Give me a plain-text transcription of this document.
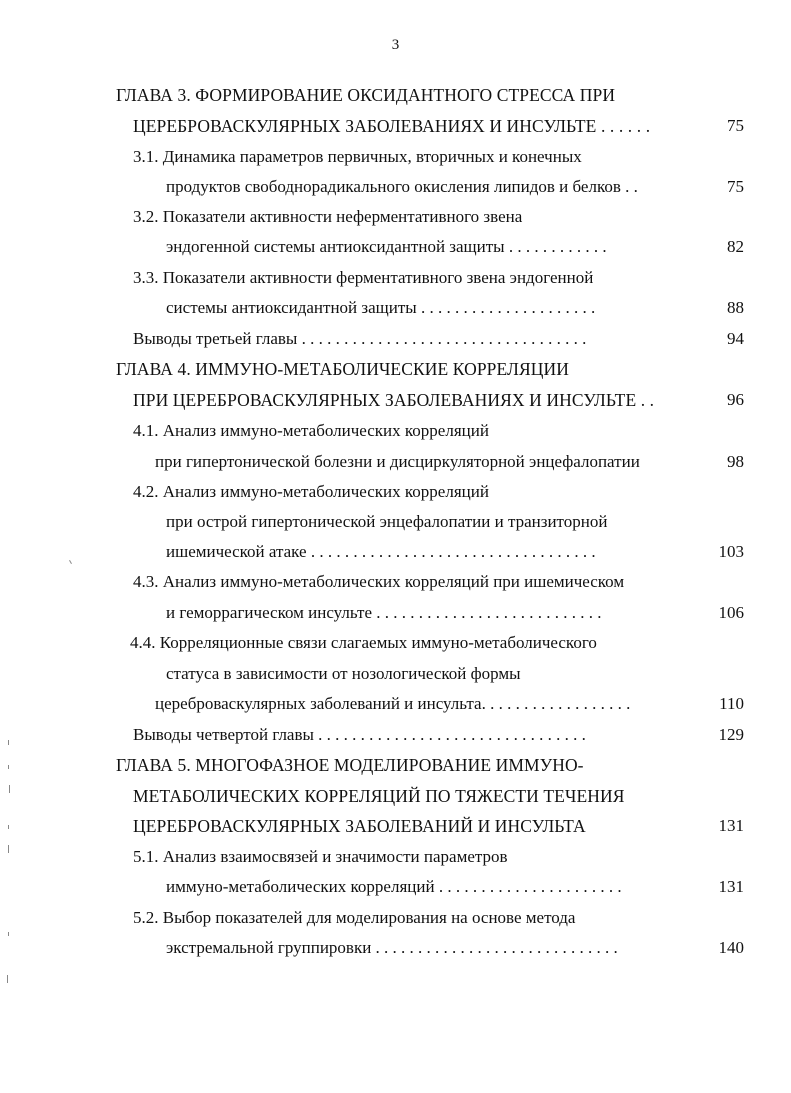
3
ГЛАВА 3. ФОРМИРОВАНИЕ ОКСИДАНТНОГО СТРЕССА ПРИ
ЦЕРЕБРОВАСКУЛЯРНЫХ ЗАБОЛЕВАНИЯХ И ИНСУЛЬТЕ . . . . . .	75
3.1. Динамика параметров первичных, вторичных и конечных
продуктов свободнорадикального окисления липидов и белков . .	75
3.2. Показатели активности неферментативного звена
эндогенной системы антиоксидантной защиты . . . . . . . . . . . .	82
3.3. Показатели активности ферментативного звена эндогенной
системы антиоксидантной защиты . . . . . . . . . . . . . . . . . . . . .	88
Выводы третьей главы . . . . . . . . . . . . . . . . . . . . . . . . . . . . . . . . . .	94
ГЛАВА 4. ИММУНО-МЕТАБОЛИЧЕСКИЕ КОРРЕЛЯЦИИ
ПРИ ЦЕРЕБРОВАСКУЛЯРНЫХ ЗАБОЛЕВАНИЯХ И ИНСУЛЬТЕ . .	96
4.1. Анализ иммуно-метаболических корреляций
при гипертонической болезни и дисциркуляторной энцефалопатии	98
4.2. Анализ иммуно-метаболических корреляций
при острой гипертонической энцефалопатии и транзиторной
ишемической атаке . . . . . . . . . . . . . . . . . . . . . . . . . . . . . . . . . .	103
4.3. Анализ иммуно-метаболических корреляций при ишемическом
и геморрагическом инсульте . . . . . . . . . . . . . . . . . . . . . . . . . . .	106
4.4. Корреляционные связи слагаемых иммуно-метаболического
статуса в зависимости от нозологической формы
цереброваскулярных заболеваний и инсульта. . . . . . . . . . . . . . . . . .	110
Выводы четвертой главы . . . . . . . . . . . . . . . . . . . . . . . . . . . . . . . .	129
ГЛАВА 5. МНОГОФАЗНОЕ МОДЕЛИРОВАНИЕ ИММУНО-
МЕТАБОЛИЧЕСКИХ КОРРЕЛЯЦИЙ ПО ТЯЖЕСТИ ТЕЧЕНИЯ
ЦЕРЕБРОВАСКУЛЯРНЫХ ЗАБОЛЕВАНИЙ И ИНСУЛЬТА	131
5.1. Анализ взаимосвязей и значимости параметров
иммуно-метаболических корреляций . . . . . . . . . . . . . . . . . . . . . .	131
5.2. Выбор показателей для моделирования на основе метода
экстремальной группировки . . . . . . . . . . . . . . . . . . . . . . . . . . . . .	140
